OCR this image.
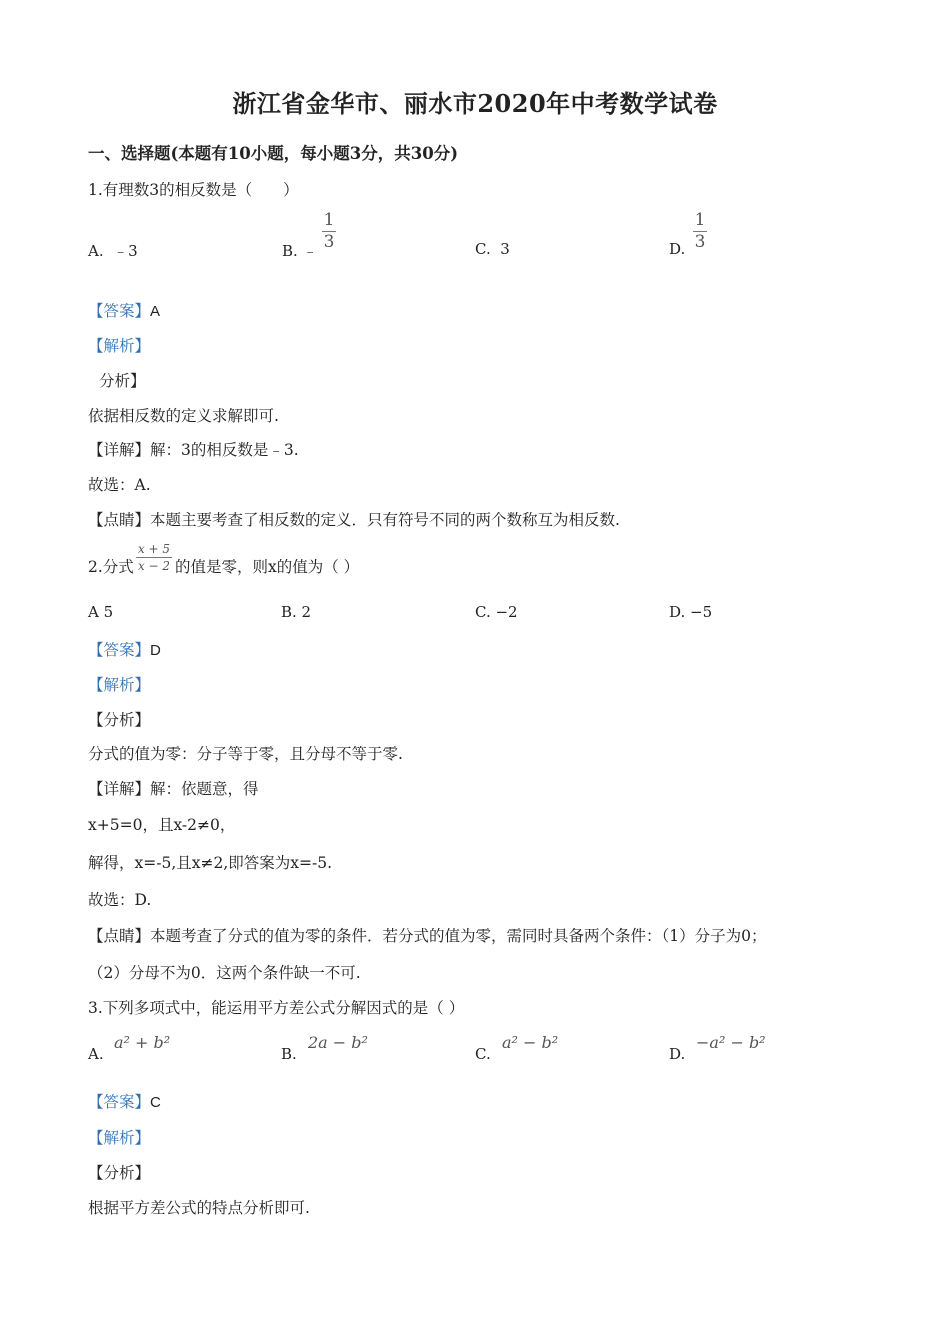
浙江省金华市、丽水市2020年中考数学试卷
一、选择题(本题有10小题，每小题3分，共30分)
1.有理数3的相反数是（　　）
A. ﹣3	B. ﹣
1
3	C. 3	D.
1
3
【答案】A
【解析】
分析】
依据相反数的定义求解即可.
【详解】解：3的相反数是﹣3.
故选：A.
【点睛】本题主要考查了相反数的定义．只有符号不同的两个数称互为相反数.
2.分式
x + 5
x − 2 的值是零，则x的值为（ ）
A 5	B. 2	C. −2	D. −5
【答案】D
【解析】
【分析】
分式的值为零：分子等于零，且分母不等于零.
【详解】解：依题意，得
x+5=0，且x-2≠0，
解得，x=-5,且x≠2,即答案为x=-5.
故选：D.
【点睛】本题考查了分式的值为零的条件．若分式的值为零，需同时具备两个条件：（1）分子为0；
（2）分母不为0．这两个条件缺一不可.
3.下列多项式中，能运用平方差公式分解因式的是（ ）
A.
a² + b²
B.
2a − b²
C.
a² − b²
D.
−a² − b²
【答案】C
【解析】
【分析】
根据平方差公式的特点分析即可.
